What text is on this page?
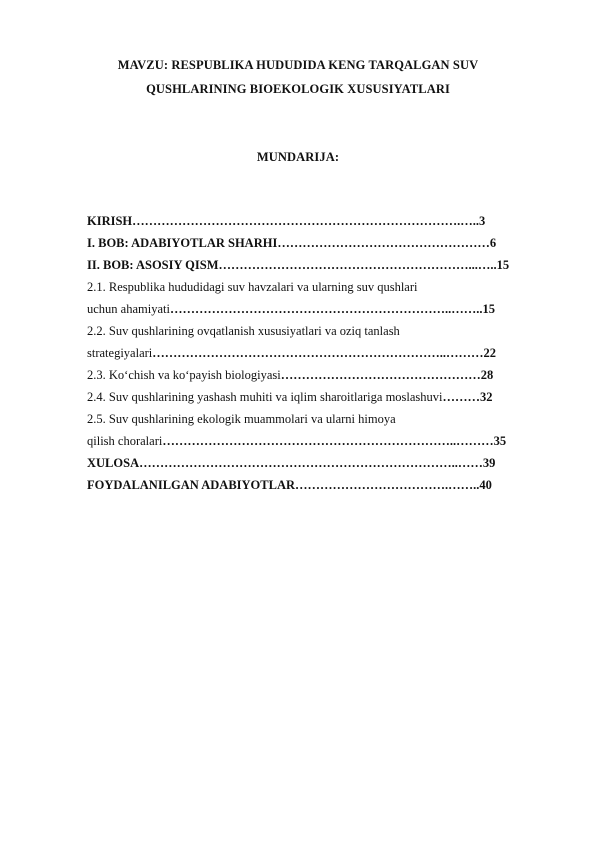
MAVZU: RESPUBLIKA HUDUDIDA KENG TARQALGAN SUV
QUSHLARINING BIOEKOLOGIK XUSUSIYATLARI
MUNDARIJA:
KIRISH…………………………………………………………………….…..3
I. BOB: ADABIYOTLAR SHARHI……………………………………………6
II. BOB: ASOSIY QISM……………………………………………………...…..15
2.1. Respublika hududidagi suv havzalari va ularning suv qushlari
uchun ahamiyati…………………………………………………………..……..15
2.2. Suv qushlarining ovqatlanish xususiyatlari va oziq tanlash
strategiyalari……………………………………………………………..………22
2.3. Ko‘chish va ko‘payish biologiyasi…………………………………………28
2.4. Suv qushlarining yashash muhiti va iqlim sharoitlariga moslashuvi………32
2.5. Suv qushlarining ekologik muammolari va ularni himoya
qilish choralari……………………………………………………………..………35
XULOSA…………………………………………………………………..……39
FOYDALANILGAN ADABIYOTLAR……………………………….……..40
